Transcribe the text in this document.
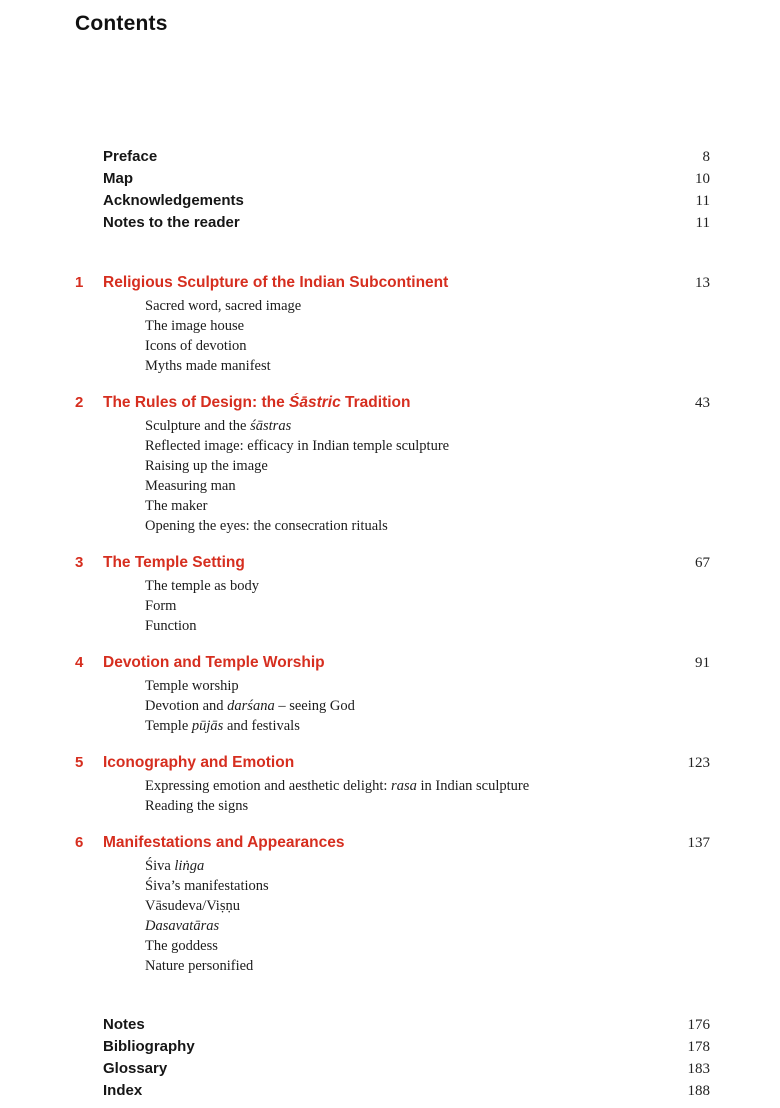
Contents
Preface	8
Map	10
Acknowledgements	11
Notes to the reader	11
1	Religious Sculpture of the Indian Subcontinent	13
Sacred word, sacred image
The image house
Icons of devotion
Myths made manifest
2	The Rules of Design: the Śāstric Tradition	43
Sculpture and the śāstras
Reflected image: efficacy in Indian temple sculpture
Raising up the image
Measuring man
The maker
Opening the eyes: the consecration rituals
3	The Temple Setting	67
The temple as body
Form
Function
4	Devotion and Temple Worship	91
Temple worship
Devotion and darśana – seeing God
Temple pūjās and festivals
5	Iconography and Emotion	123
Expressing emotion and aesthetic delight: rasa in Indian sculpture
Reading the signs
6	Manifestations and Appearances	137
Śiva liṅga
Śiva’s manifestations
Vāsudeva/Viṣṇu
Dasavatāras
The goddess
Nature personified
Notes	176
Bibliography	178
Glossary	183
Index	188
